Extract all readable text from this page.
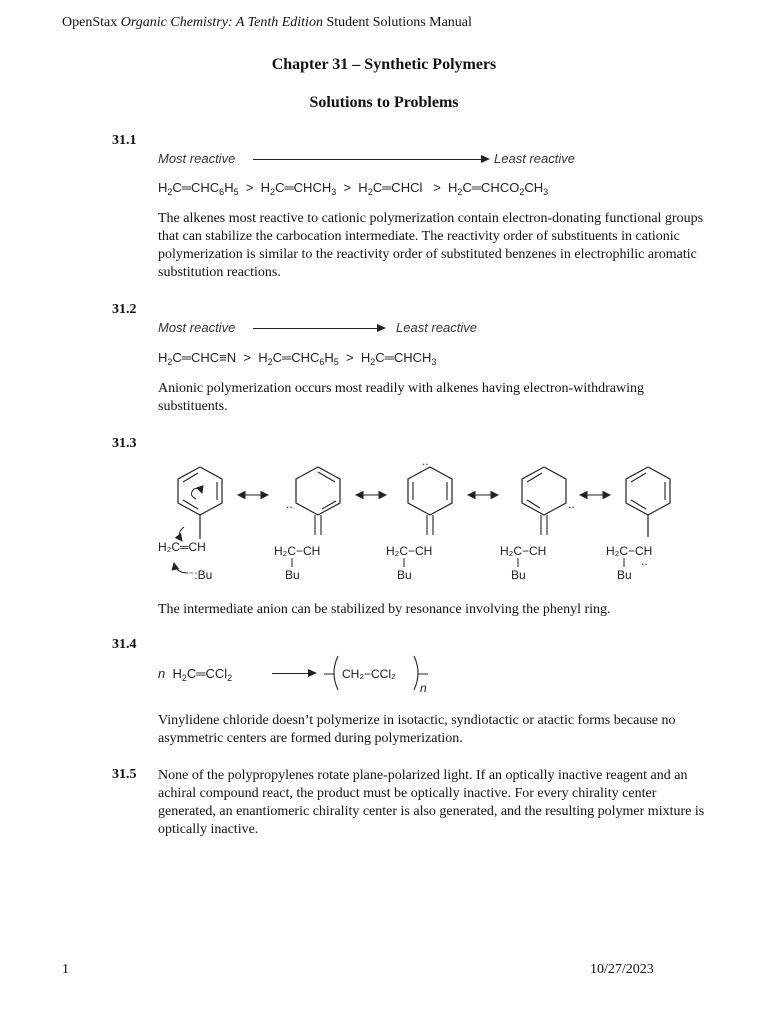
OpenStax Organic Chemistry: A Tenth Edition Student Solutions Manual
Chapter 31 – Synthetic Polymers
Solutions to Problems
31.1
Most reactive	Least reactive
$H_2C═CHC_6H_5$ > $H_2C═CHCH_3$ > $H_2C═CHCl$ > $H_2C═CHCO_2CH_3$
The alkenes most reactive to cationic polymerization contain electron-donating functional groups that can stabilize the carbocation intermediate. The reactivity order of substituents in cationic polymerization is similar to the reactivity order of substituted benzenes in electrophilic aromatic substitution reactions.
31.2
Most reactive	Least reactive
$H_2C═CHC\equiv N$ > $H_2C═CHC_6H_5$ > $H_2C═CHCH_3$
Anionic polymerization occurs most readily with alkenes having electron-withdrawing substituents.
31.3
H₂C═CH
⁻:Bu
..
H₂C−CH
Bu
..
H₂C−CH
Bu
..
H₂C−CH
Bu
H₂C−CH
..
Bu
The intermediate anion can be stabilized by resonance involving the phenyl ring.
31.4
n  $H_2C═CCl_2$	CH₂−CCl₂
n
Vinylidene chloride doesn’t polymerize in isotactic, syndiotactic or atactic forms because no asymmetric centers are formed during polymerization.
31.5 None of the polypropylenes rotate plane-polarized light. If an optically inactive reagent and an achiral compound react, the product must be optically inactive. For every chirality center generated, an enantiomeric chirality center is also generated, and the resulting polymer mixture is optically inactive.
1	10/27/2023
